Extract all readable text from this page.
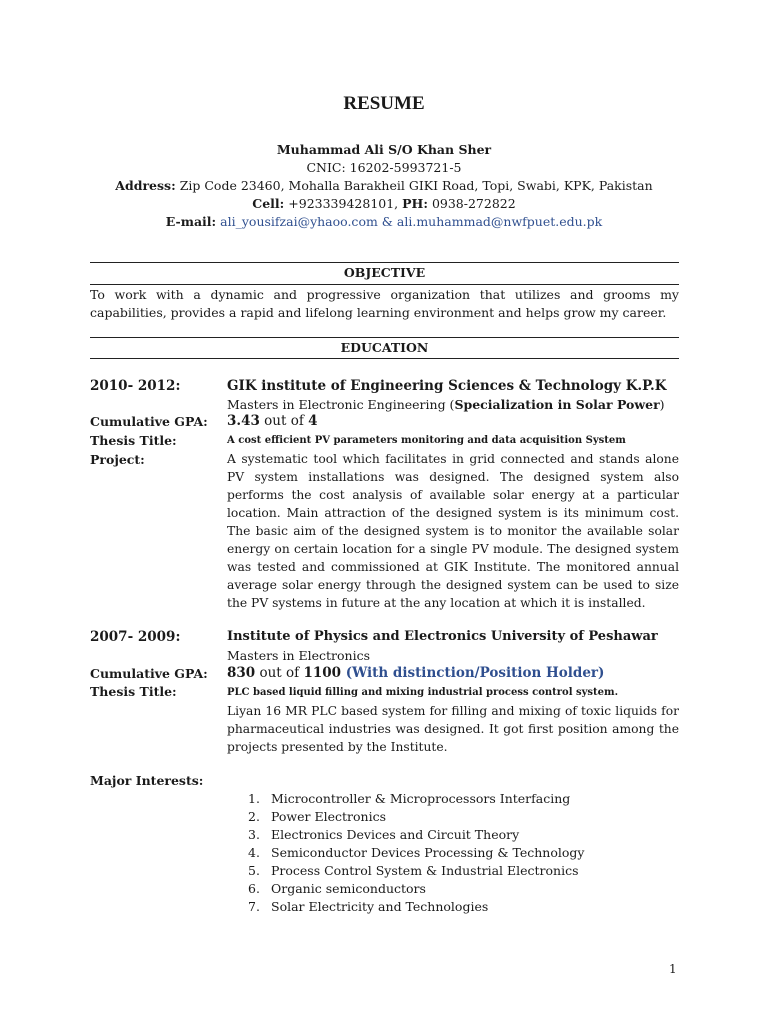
RESUME
Muhammad Ali S/O Khan Sher
CNIC: 16202-5993721-5
Address: Zip Code 23460, Mohalla Barakheil GIKI Road, Topi, Swabi, KPK, Pakistan
Cell: +923339428101, PH: 0938-272822
E-mail: ali_yousifzai@yhaoo.com & ali.muhammad@nwfpuet.edu.pk
OBJECTIVE
To work with a dynamic and progressive organization that utilizes and grooms my capabilities, provides a rapid and lifelong learning environment and helps grow my career.
EDUCATION
2010- 2012:	GIK institute of Engineering Sciences & Technology K.P.K
Masters in Electronic Engineering (Specialization in Solar Power)
Cumulative GPA: 3.43 out of 4
Thesis Title:	A cost efficient PV parameters monitoring and data acquisition System
Project:	A systematic tool which facilitates in grid connected and stands alone PV system installations was designed. The designed system also performs the cost analysis of available solar energy at a particular location. Main attraction of the designed system is its minimum cost. The basic aim of the designed system is to monitor the available solar energy on certain location for a single PV module. The designed system was tested and commissioned at GIK Institute. The monitored annual average solar energy through the designed system can be used to size the PV systems in future at the any location at which it is installed.
2007- 2009:	Institute of Physics and Electronics University of Peshawar
Masters in Electronics
Cumulative GPA: 830 out of 1100 (With distinction/Position Holder)
Thesis Title:	PLC based liquid filling and mixing industrial process control system.
Liyan 16 MR PLC based system for filling and mixing of toxic liquids for pharmaceutical industries was designed. It got first position among the projects presented by the Institute.
Major Interests:
1. Microcontroller & Microprocessors Interfacing
2. Power Electronics
3. Electronics Devices and Circuit Theory
4. Semiconductor Devices Processing & Technology
5. Process Control System & Industrial Electronics
6. Organic semiconductors
7. Solar Electricity and Technologies
1
